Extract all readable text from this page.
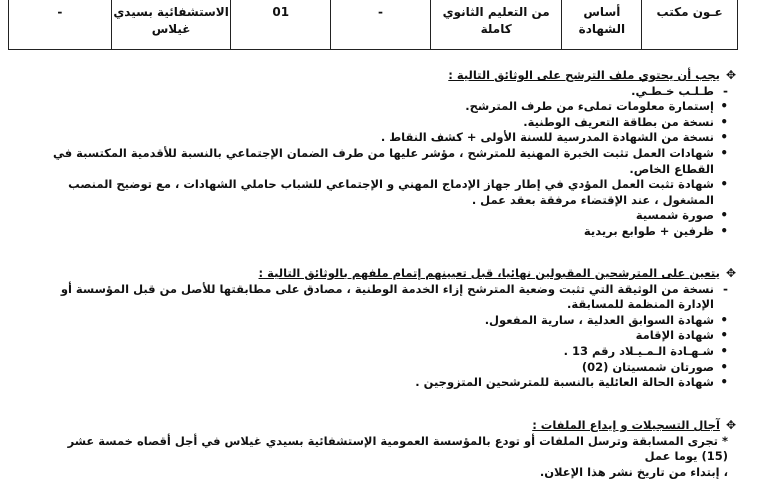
عـون مكتب
أساس الشهادة
من التعليم الثانوي كاملة
-
01
الاستشفائية بسيدي غيلاس
-
✥
يجب أن يحتوي ملف الترشح على الوثائق التالية :
- طـلـب خـطـي.
• إستمارة معلومات تملىء من طرف المترشح.
• نسخة من بطاقة التعريف الوطنية.
• نسخة من الشهادة المدرسية للسنة الأولى + كشف النقاط .
• شهادات العمل تثبت الخبرة المهنية للمترشح ، مؤشر عليها من طرف الضمان الإجتماعي بالنسبة للأقدمية المكتسبة في القطاع الخاص.
• شهادة تثبت العمل المؤدي في إطار جهاز الإدماج المهني و الإجتماعي للشباب حاملي الشهادات ، مع توضيح المنصب المشغول ، عند الإقتضاء مرفقة بعقد عمل .
• صورة شمسية
• ظرفين + طوابع بريدية
✥
يتعين على المترشحين المقبولين نهائيا، قبل تعيينهم إتمام ملفهم بالوثائق التالية :
- نسخة من الوثيقة التي تثبت وضعية المترشح إزاء الخدمة الوطنية ، مصادق على مطابقتها للأصل من قبل المؤسسة أو الإدارة المنظمة للمسابقة.
• شهادة السوابق العدلية ، سارية المفعول.
• شهادة الإقامة
• شـهـادة الـمـيـلاد رقم 13 .
• صورتان شمسيتان (02)
• شهادة الحالة العائلية بالنسبة للمترشحين المتزوجين .
✥
آجال التسجيلات و إيداع الملفات :
* تجرى المسابقة وترسل الملفات أو تودع بالمؤسسة العمومية الإستشفائية بسيدي غيلاس في أجل أقصاه خمسة عشر (15) يوما عمل
، إبتداء من تاريخ نشر هذا الإعلان.
